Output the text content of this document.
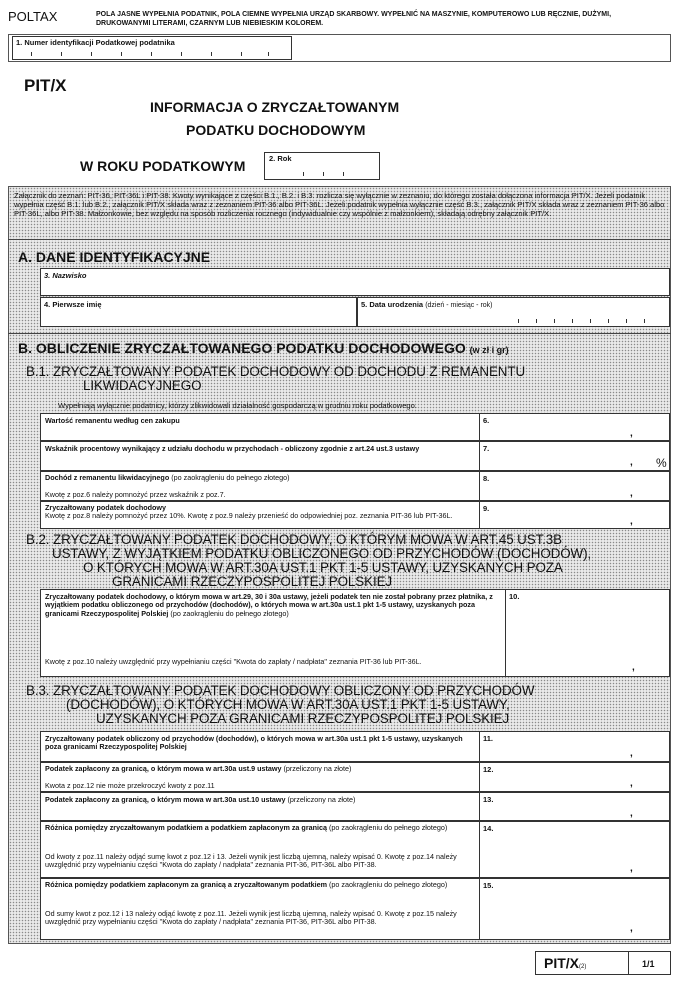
POLTAX	POLA JASNE WYPEŁNIA PODATNIK, POLA CIEMNE WYPEŁNIA URZĄD SKARBOWY. WYPEŁNIĆ NA MASZYNIE, KOMPUTEROWO LUB RĘCZNIE, DUŻYMI, DRUKOWANYMI LITERAMI, CZARNYM LUB NIEBIESKIM KOLOREM.
1. Numer identyfikacji Podatkowej podatnika
PIT/X
INFORMACJA O ZRYCZAŁTOWANYM
PODATKU DOCHODOWYM
W ROKU PODATKOWYM	2. Rok
Załącznik do zeznań: PIT-36, PIT-36L i PIT-38. Kwoty wynikające z części B.1., B.2. i B.3. rozlicza się wyłącznie w zeznaniu, do którego została dołączona informacja PIT/X. Jeżeli podatnik wypełnia część B.1. lub B.2., załącznik PIT/X składa wraz z zeznaniem PIT-36 albo PIT-36L. Jeżeli podatnik wypełnia wyłącznie część B.3., załącznik PIT/X składa wraz z zeznaniem PIT-36 albo PIT-36L, albo PIT-38. Małżonkowie, bez względu na sposób rozliczenia rocznego (indywidualnie czy wspólnie z małżonkiem), składają odrębny załącznik PIT/X.
A. DANE IDENTYFIKACYJNE
3. Nazwisko
4. Pierwsze imię	5. Data urodzenia (dzień - miesiąc - rok)
B. OBLICZENIE ZRYCZAŁTOWANEGO PODATKU DOCHODOWEGO (w zł i gr)
B.1. ZRYCZAŁTOWANY PODATEK DOCHODOWY OD DOCHODU Z REMANENTU
LIKWIDACYJNEGO
Wypełniają wyłącznie podatnicy, którzy zlikwidowali działalność gospodarczą w grudniu roku podatkowego.
Wartość remanentu według cen zakupu	6.
,
Wskaźnik procentowy wynikający z udziału dochodu w przychodach - obliczony zgodnie z art.24 ust.3 ustawy	7.
, %
Dochód z remanentu likwidacyjnego (po zaokrągleniu do pełnego złotego)
Kwotę z poz.6 należy pomnożyć przez wskaźnik z poz.7.
8.
,
Zryczałtowany podatek dochodowy
Kwotę z poz.8 należy pomnożyć przez 10%. Kwotę z poz.9 należy przenieść do odpowiedniej poz. zeznania PIT-36 lub PIT-36L.
9.
,
B.2. ZRYCZAŁTOWANY PODATEK DOCHODOWY, O KTÓRYM MOWA W ART.45 UST.3B
USTAWY, Z WYJĄTKIEM PODATKU OBLICZONEGO OD PRZYCHODÓW (DOCHODÓW),
O KTÓRYCH MOWA W ART.30A UST.1 PKT 1-5 USTAWY, UZYSKANYCH POZA
GRANICAMI RZECZYPOSPOLITEJ POLSKIEJ
Zryczałtowany podatek dochodowy, o którym mowa w art.29, 30 i 30a ustawy, jeżeli podatek ten nie został pobrany przez płatnika, z wyjątkiem podatku obliczonego od przychodów (dochodów), o których mowa w art.30a ust.1 pkt 1-5 ustawy, uzyskanych poza granicami Rzeczypospolitej Polskiej (po zaokrągleniu do pełnego złotego)
Kwotę z poz.10 należy uwzględnić przy wypełnianiu części "Kwota do zapłaty / nadpłata" zeznania PIT-36 lub PIT-36L.
10.
,
B.3. ZRYCZAŁTOWANY PODATEK DOCHODOWY OBLICZONY OD PRZYCHODÓW
(DOCHODÓW), O KTÓRYCH MOWA W ART.30A UST.1 PKT 1-5 USTAWY,
UZYSKANYCH POZA GRANICAMI RZECZYPOSPOLITEJ POLSKIEJ
Zryczałtowany podatek obliczony od przychodów (dochodów), o których mowa w art.30a ust.1 pkt 1-5 ustawy, uzyskanych poza granicami Rzeczypospolitej Polskiej
11.
,
Podatek zapłacony za granicą, o którym mowa w art.30a ust.9 ustawy (przeliczony na złote)
Kwota z poz.12 nie może przekroczyć kwoty z poz.11
12.
,
Podatek zapłacony za granicą, o którym mowa w art.30a ust.10 ustawy (przeliczony na złote)	13.
,
Różnica pomiędzy zryczałtowanym podatkiem a podatkiem zapłaconym za granicą (po zaokrągleniu do pełnego złotego)
Od kwoty z poz.11 należy odjąć sumę kwot z poz.12 i 13. Jeżeli wynik jest liczbą ujemną, należy wpisać 0. Kwotę z poz.14 należy uwzględnić przy wypełnianiu części "Kwota do zapłaty / nadpłata" zeznania PIT-36, PIT-36L albo PIT-38.
14.
,
Różnica pomiędzy podatkiem zapłaconym za granicą a zryczałtowanym podatkiem (po zaokrągleniu do pełnego złotego)
Od sumy kwot z poz.12 i 13 należy odjąć kwotę z poz.11. Jeżeli wynik jest liczbą ujemną, należy wpisać 0. Kwotę z poz.15 należy uwzględnić przy wypełnianiu części "Kwota do zapłaty / nadpłata" zeznania PIT-36, PIT-36L albo PIT-38.
15.
,
PIT/X(2)	1/1
